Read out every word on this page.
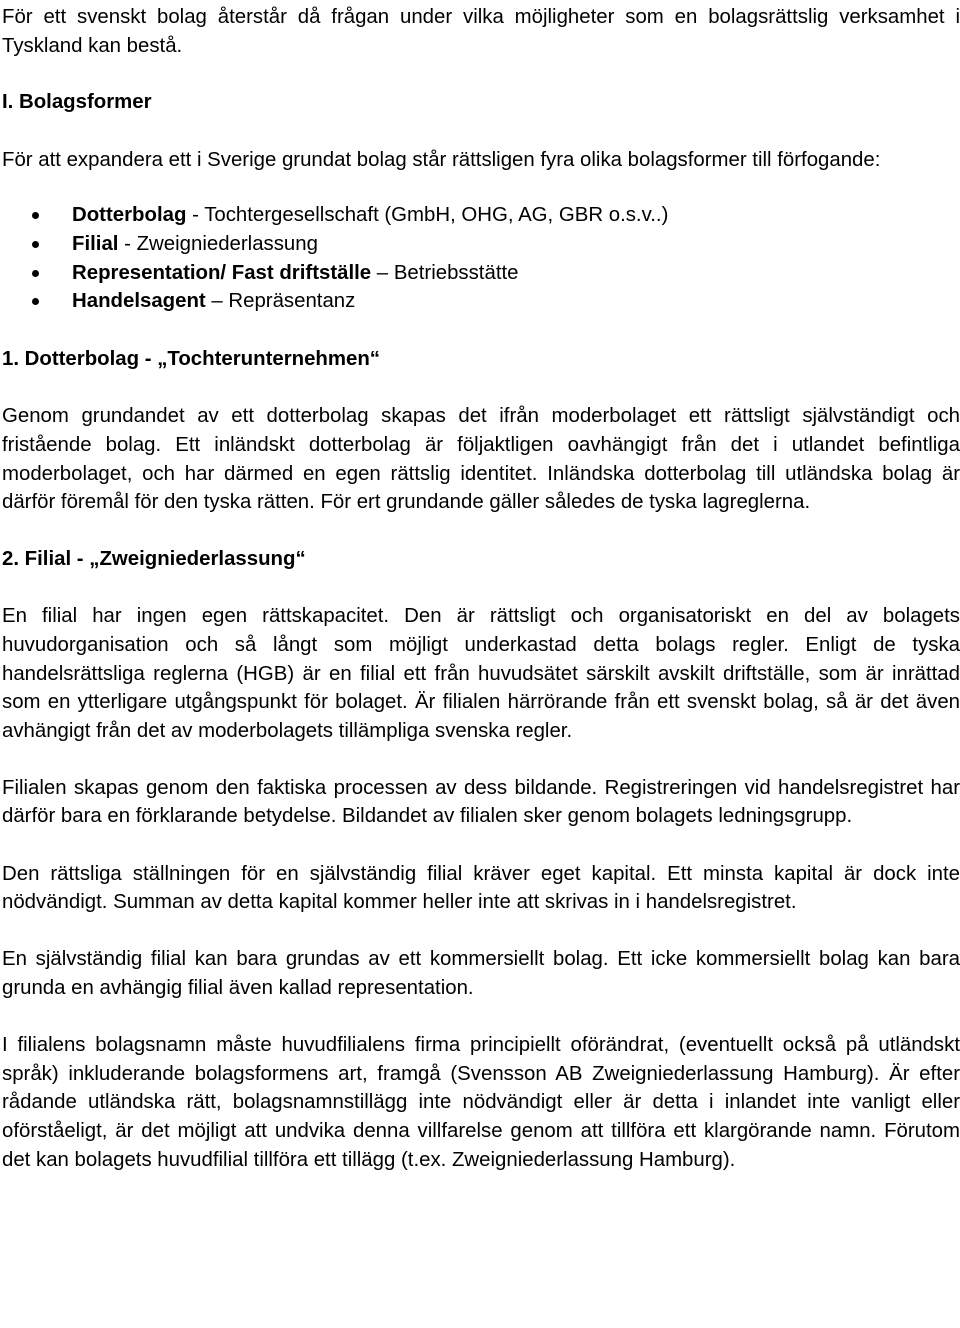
För ett svenskt bolag återstår då frågan under vilka möjligheter som en bolagsrättslig verksamhet i Tyskland kan bestå.

I. Bolagsformer

För att expandera ett i Sverige grundat bolag står rättsligen fyra olika bolagsformer till förfogande:

Dotterbolag - Tochtergesellschaft (GmbH, OHG, AG, GBR o.s.v..)
Filial - Zweigniederlassung
Representation/ Fast driftställe – Betriebsstätte
Handelsagent – Repräsentanz

1. Dotterbolag - „Tochterunternehmen“

Genom grundandet av ett dotterbolag skapas det ifrån moderbolaget ett rättsligt självständigt och fristående bolag. Ett inländskt dotterbolag är följaktligen oavhängigt från det i utlandet befintliga moderbolaget, och har därmed en egen rättslig identitet. Inländska dotterbolag till utländska bolag är därför föremål för den tyska rätten. För ert grundande gäller således de tyska lagreglerna.

2. Filial - „Zweigniederlassung“

En filial har ingen egen rättskapacitet. Den är rättsligt och organisatoriskt en del av bolagets huvudorganisation och så långt som möjligt underkastad detta bolags regler. Enligt de tyska handelsrättsliga reglerna (HGB) är en filial ett från huvudsätet särskilt avskilt driftställe, som är inrättad som en ytterligare utgångspunkt för bolaget. Är filialen härrörande från ett svenskt bolag, så är det även avhängigt från det av moderbolagets tillämpliga svenska regler.

Filialen skapas genom den faktiska processen av dess bildande. Registreringen vid handelsregistret har därför bara en förklarande betydelse. Bildandet av filialen sker genom bolagets ledningsgrupp.

Den rättsliga ställningen för en självständig filial kräver eget kapital. Ett minsta kapital är dock inte nödvändigt. Summan av detta kapital kommer heller inte att skrivas in i handelsregistret.

En självständig filial kan bara grundas av ett kommersiellt bolag. Ett icke kommersiellt bolag kan bara grunda en avhängig filial även kallad representation.

I filialens bolagsnamn måste huvudfilialens firma principiellt oförändrat, (eventuellt också på utländskt språk) inkluderande bolagsformens art, framgå (Svensson AB Zweigniederlassung Hamburg). Är efter rådande utländska rätt, bolagsnamnstillägg inte nödvändigt eller är detta i inlandet inte vanligt eller oförståeligt, är det möjligt att undvika denna villfarelse genom att tillföra ett klargörande namn. Förutom det kan bolagets huvudfilial tillföra ett tillägg (t.ex. Zweigniederlassung Hamburg).
